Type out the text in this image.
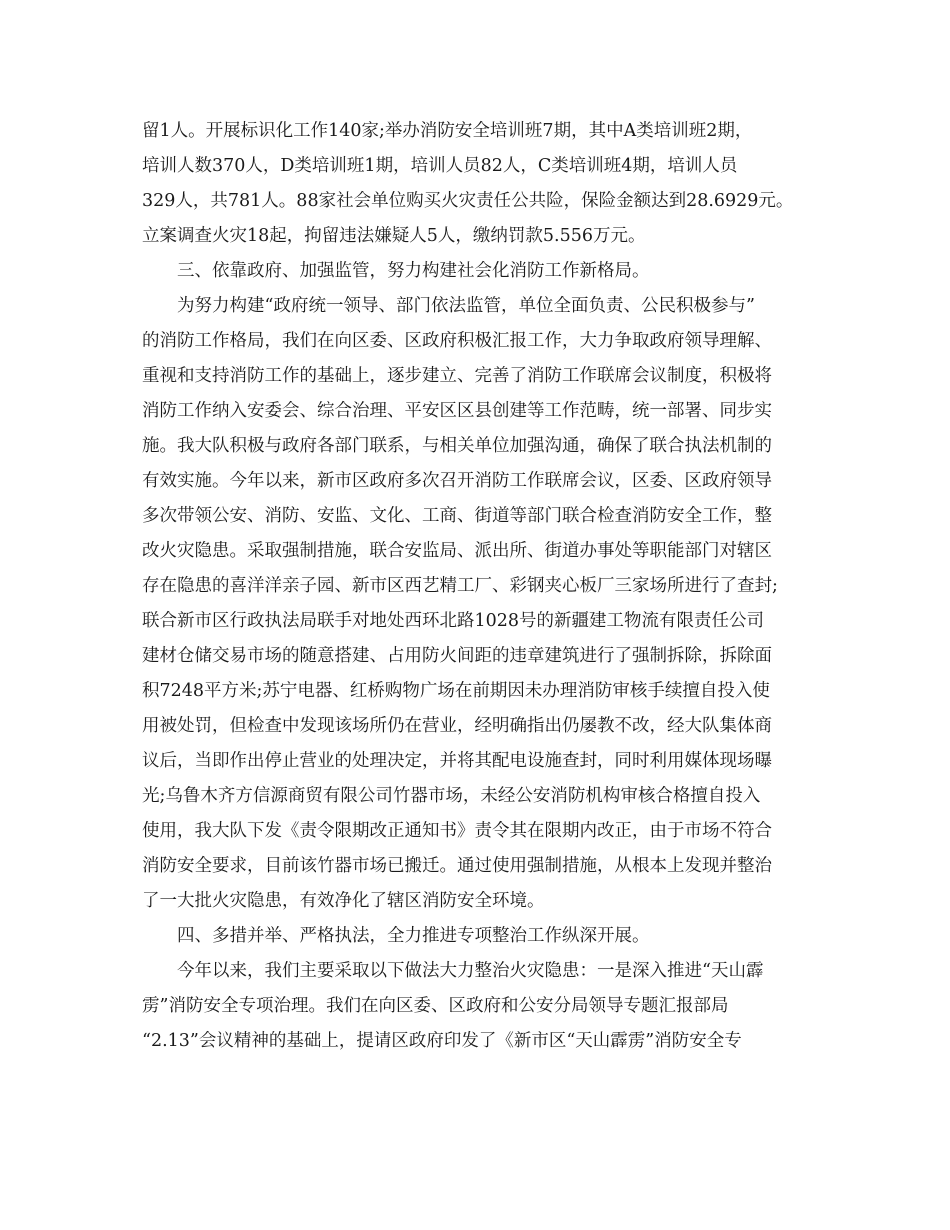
留1人。开展标识化工作140家;举办消防安全培训班7期，其中A类培训班2期，
培训人数370人，D类培训班1期，培训人员82人，C类培训班4期，培训人员
329人，共781人。88家社会单位购买火灾责任公共险，保险金额达到28.6929元。
立案调查火灾18起，拘留违法嫌疑人5人，缴纳罚款5.556万元。
　　三、依靠政府、加强监管，努力构建社会化消防工作新格局。
　　为努力构建“政府统一领导、部门依法监管，单位全面负责、公民积极参与”
的消防工作格局，我们在向区委、区政府积极汇报工作，大力争取政府领导理解、
重视和支持消防工作的基础上，逐步建立、完善了消防工作联席会议制度，积极将
消防工作纳入安委会、综合治理、平安区区县创建等工作范畴，统一部署、同步实
施。我大队积极与政府各部门联系，与相关单位加强沟通，确保了联合执法机制的
有效实施。今年以来，新市区政府多次召开消防工作联席会议，区委、区政府领导
多次带领公安、消防、安监、文化、工商、街道等部门联合检查消防安全工作，整
改火灾隐患。采取强制措施，联合安监局、派出所、街道办事处等职能部门对辖区
存在隐患的喜洋洋亲子园、新市区西艺精工厂、彩钢夹心板厂三家场所进行了查封;
联合新市区行政执法局联手对地处西环北路1028号的新疆建工物流有限责任公司
建材仓储交易市场的随意搭建、占用防火间距的违章建筑进行了强制拆除，拆除面
积7248平方米;苏宁电器、红桥购物广场在前期因未办理消防审核手续擅自投入使
用被处罚，但检查中发现该场所仍在营业，经明确指出仍屡教不改，经大队集体商
议后，当即作出停止营业的处理决定，并将其配电设施查封，同时利用媒体现场曝
光;乌鲁木齐方信源商贸有限公司竹器市场，未经公安消防机构审核合格擅自投入
使用，我大队下发《责令限期改正通知书》责令其在限期内改正，由于市场不符合
消防安全要求，目前该竹器市场已搬迁。通过使用强制措施，从根本上发现并整治
了一大批火灾隐患，有效净化了辖区消防安全环境。
　　四、多措并举、严格执法，全力推进专项整治工作纵深开展。
　　今年以来，我们主要采取以下做法大力整治火灾隐患：一是深入推进“天山霹
雳”消防安全专项治理。我们在向区委、区政府和公安分局领导专题汇报部局
“2.13”会议精神的基础上，提请区政府印发了《新市区“天山霹雳”消防安全专
